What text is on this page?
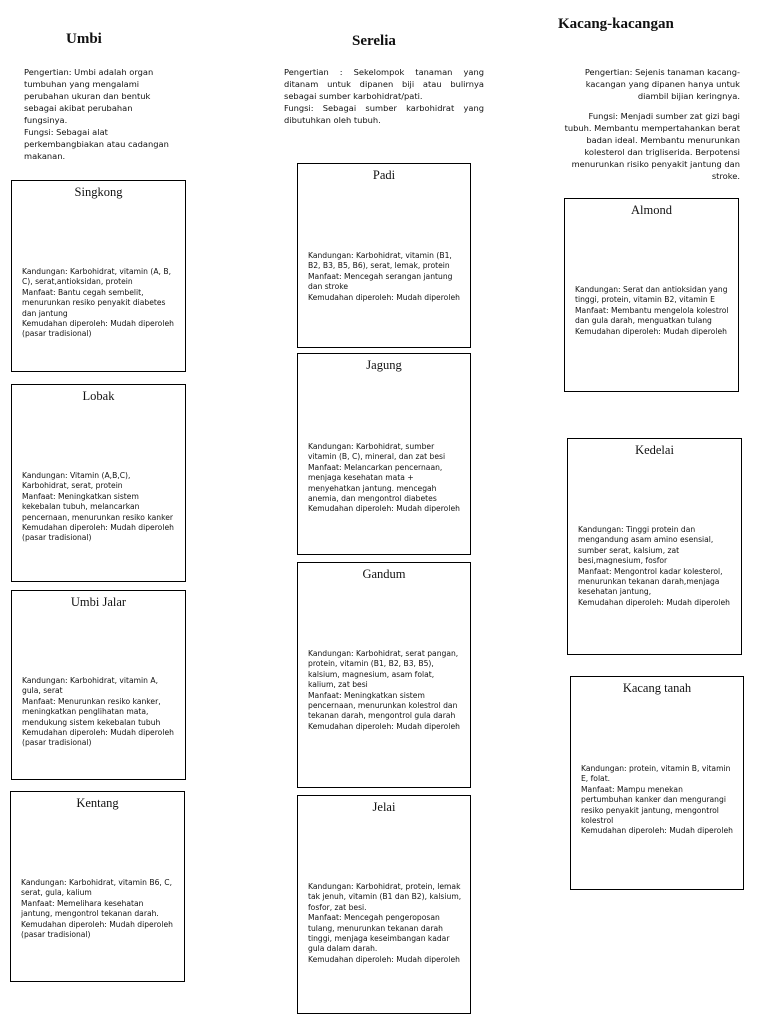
Umbi

Pengertian: Umbi adalah organ tumbuhan yang mengalami perubahan ukuran dan bentuk sebagai akibat perubahan fungsinya.

Fungsi: Sebagai alat perkembangbiakan atau cadangan makanan.

Singkong

Kandungan: Karbohidrat, vitamin (A, B, C), serat,antioksidan, protein

Manfaat: Bantu cegah sembelit, menurunkan resiko penyakit diabetes dan jantung

Kemudahan diperoleh: Mudah diperoleh (pasar tradisional)

Lobak

Kandungan: Vitamin (A,B,C), Karbohidrat, serat, protein

Manfaat: Meningkatkan sistem kekebalan tubuh, melancarkan pencernaan, menurunkan resiko kanker

Kemudahan diperoleh: Mudah diperoleh (pasar tradisional)

Umbi Jalar

Kandungan: Karbohidrat, vitamin A, gula, serat

Manfaat: Menurunkan resiko kanker, meningkatkan penglihatan mata, mendukung sistem kekebalan tubuh

Kemudahan diperoleh: Mudah diperoleh (pasar tradisional)

Kentang

Kandungan: Karbohidrat, vitamin B6, C, serat, gula, kalium

Manfaat: Memelihara kesehatan jantung, mengontrol tekanan darah.

Kemudahan diperoleh: Mudah diperoleh (pasar tradisional)

Serelia

Pengertian : Sekelompok tanaman yang ditanam untuk dipanen biji atau bulirnya sebagai sumber karbohidrat/pati.

Fungsi: Sebagai sumber karbohidrat yang dibutuhkan oleh tubuh.

Padi

Kandungan: Karbohidrat, vitamin (B1, B2, B3, B5, B6), serat, lemak, protein

Manfaat: Mencegah serangan jantung dan stroke

Kemudahan diperoleh: Mudah diperoleh

Jagung

Kandungan: Karbohidrat, sumber vitamin (B, C), mineral, dan zat besi

Manfaat: Melancarkan pencernaan, menjaga kesehatan mata + menyehatkan jantung. mencegah anemia, dan mengontrol diabetes

Kemudahan diperoleh: Mudah diperoleh

Gandum

Kandungan: Karbohidrat, serat pangan, protein, vitamin (B1, B2, B3, B5), kalsium, magnesium, asam folat, kalium, zat besi

Manfaat: Meningkatkan sistem pencernaan, menurunkan kolestrol dan tekanan darah, mengontrol gula darah

Kemudahan diperoleh: Mudah diperoleh

Jelai

Kandungan: Karbohidrat, protein, lemak tak jenuh, vitamin (B1 dan B2), kalsium, fosfor, zat besi.

Manfaat: Mencegah pengeroposan tulang, menurunkan tekanan darah tinggi, menjaga keseimbangan kadar gula dalam darah.

Kemudahan diperoleh: Mudah diperoleh

Kacang-kacangan

Pengertian: Sejenis tanaman kacang-kacangan yang dipanen hanya untuk diambil bijian keringnya.

Fungsi: Menjadi sumber zat gizi bagi tubuh. Membantu mempertahankan berat badan ideal. Membantu menurunkan kolesterol dan trigliserida. Berpotensi menurunkan risiko penyakit jantung dan stroke.

Almond

Kandungan: Serat dan antioksidan yang tinggi, protein, vitamin B2, vitamin E

Manfaat: Membantu mengelola kolestrol dan gula darah, menguatkan tulang

Kemudahan diperoleh: Mudah diperoleh

Kedelai

Kandungan: Tinggi protein dan mengandung asam amino esensial, sumber serat, kalsium, zat besi,magnesium, fosfor

Manfaat: Mengontrol kadar kolesterol, menurunkan tekanan darah,menjaga kesehatan jantung,

Kemudahan diperoleh: Mudah diperoleh

Kacang tanah

Kandungan: protein, vitamin B, vitamin E, folat.

Manfaat: Mampu menekan pertumbuhan kanker dan mengurangi resiko penyakit jantung, mengontrol kolestrol

Kemudahan diperoleh: Mudah diperoleh
